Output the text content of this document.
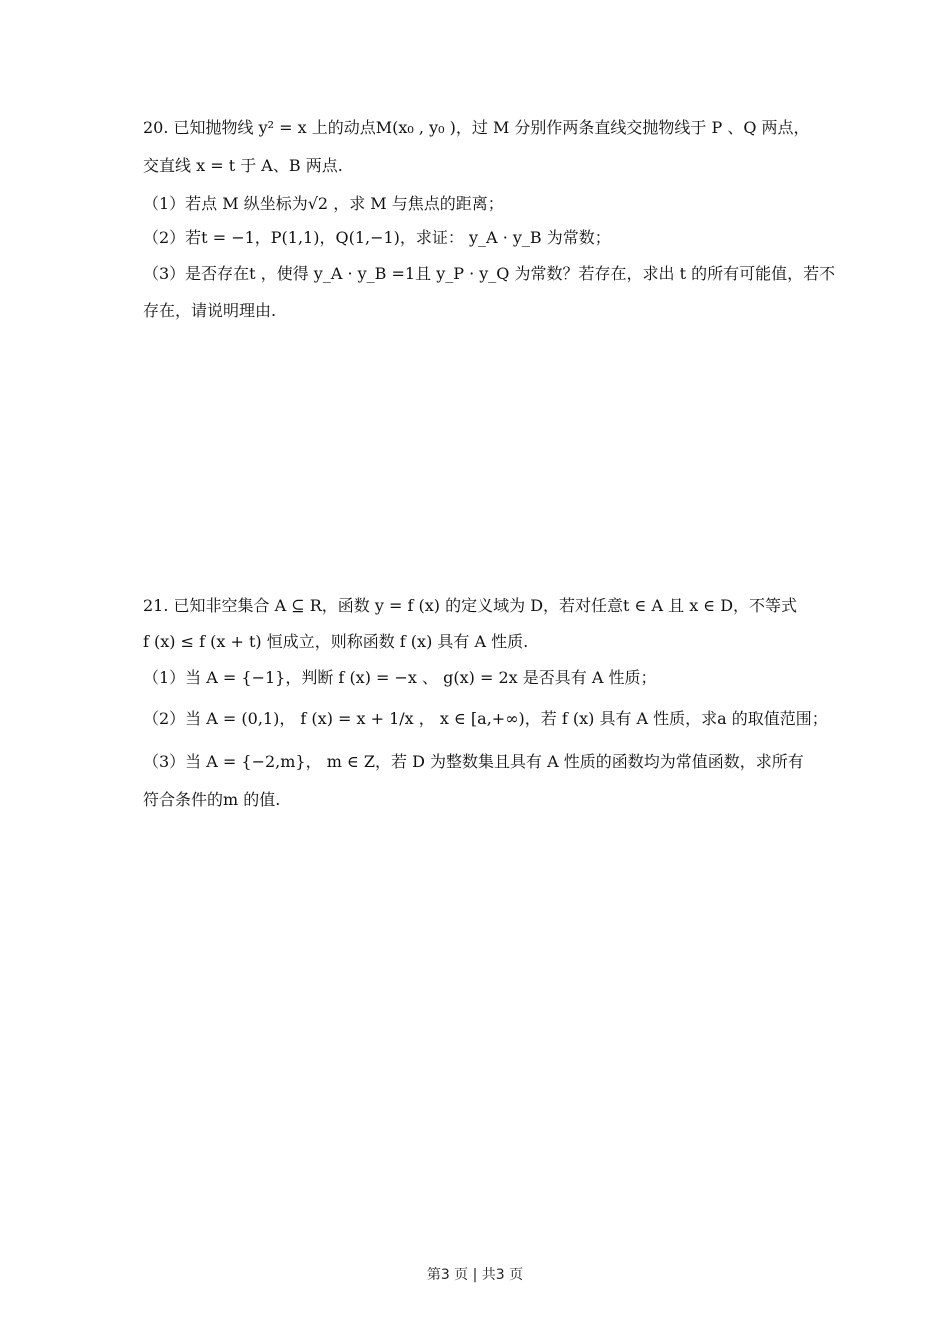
20. 已知抛物线 y² = x 上的动点M(x₀ , y₀ )，过 M 分别作两条直线交抛物线于 P 、Q 两点，
交直线 x = t 于 A、B 两点.
（1）若点 M 纵坐标为√2 ，求 M 与焦点的距离；
（2）若t = −1，P(1,1)，Q(1,−1)，求证： y_A · y_B 为常数；
（3）是否存在t ，使得 y_A · y_B =1且 y_P · y_Q 为常数？若存在，求出 t 的所有可能值，若不
存在，请说明理由.
21. 已知非空集合 A ⊆ R，函数 y = f (x) 的定义域为 D，若对任意t ∈ A 且 x ∈ D，不等式
f (x) ≤ f (x + t) 恒成立，则称函数 f (x) 具有 A 性质.
（1）当 A = {−1}，判断 f (x) = −x 、 g(x) = 2x 是否具有 A 性质；
（2）当 A = (0,1)， f (x) = x + 1/x ， x ∈ [a,+∞)，若 f (x) 具有 A 性质，求a 的取值范围；
（3）当 A = {−2,m}， m ∈ Z，若 D 为整数集且具有 A 性质的函数均为常值函数，求所有
符合条件的m 的值.
第3 页 | 共3 页
